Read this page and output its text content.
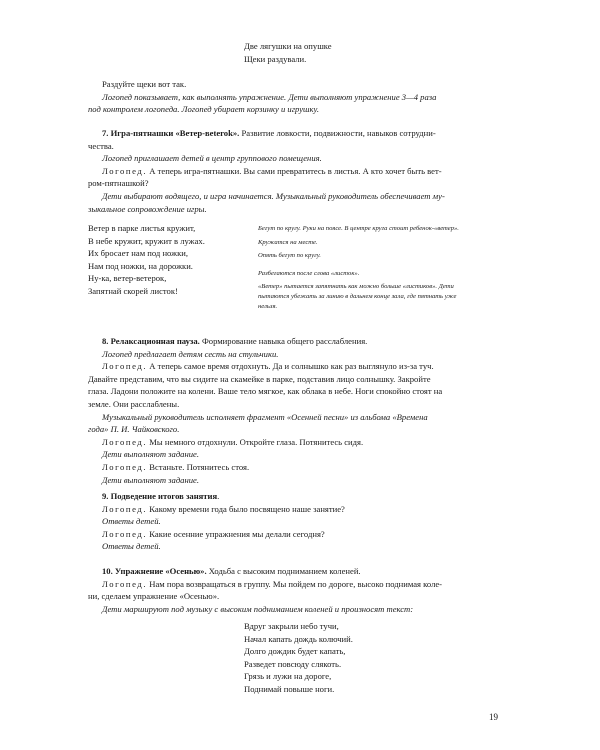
Две лягушки на опушке
Щеки раздували.
Раздуйте щеки вот так.
Логопед показывает, как выполнять упражнение. Дети выполняют упражнение 3—4 раза
под контролем логопеда. Логопед убирает корзинку и игрушку.
7. Игра-пятнашки «Ветер-веterok». Развитие ловкости, подвижности, навыков сотрудни-
чества.
Логопед приглашает детей в центр группового помещения.
Логопед. А теперь игра-пятнашки. Вы сами превратитесь в листья. А кто хочет быть вет-
ром-пятнашкой?
Дети выбирают водящего, и игра начинается. Музыкальный руководитель обеспечивает му-
зыкальное сопровождение игры.
Ветер в парке листья кружит,
В небе кружит, кружит в лужах.
Их бросает нам под ножки,
Нам под ножки, на дорожки.
Ну-ка, ветер-ветерок,
Запятнай скорей листок!
Бегут по кругу. Руки на поясе. В центре круга стоит ребенок-«ветер».
Кружатся на месте.
Опять бегут по кругу.
Разбегаются после слова «листок».
«Ветер» пытается запятнать как можно больше «листиков». Дети
пытаются убежать за линию в дальнем конце зала, где пятнать уже
нельзя.
8. Релаксационная пауза. Формирование навыка общего расслабления.
Логопед предлагает детям сесть на стульчики.
Логопед. А теперь самое время отдохнуть. Да и солнышко как раз выглянуло из-за туч.
Давайте представим, что вы сидите на скамейке в парке, подставив лицо солнышку. Закройте
глаза. Ладони положите на колени. Ваше тело мягкое, как облака в небе. Ноги спокойно стоят на
земле. Они расслаблены.
Музыкальный руководитель исполняет фрагмент «Осенней песни» из альбома «Времена
года» П. И. Чайковского.
Логопед. Мы немного отдохнули. Откройте глаза. Потянитесь сидя.
Дети выполняют задание.
Логопед. Встаньте. Потянитесь стоя.
Дети выполняют задание.
9. Подведение итогов занятия.
Логопед. Какому времени года было посвящено наше занятие?
Ответы детей.
Логопед. Какие осенние упражнения мы делали сегодня?
Ответы детей.
10. Упражнение «Осенью». Ходьба с высоким подниманием коленей.
Логопед. Нам пора возвращаться в группу. Мы пойдем по дороге, высоко поднимая коле-
ни, сделаем упражнение «Осенью».
Дети маршируют под музыку с высоким подниманием коленей и произносят текст:
Вдруг закрыли небо тучи,
Начал капать дождь колючий.
Долго дождик будет капать,
Разведет повсюду слякоть.
Грязь и лужи на дороге,
Поднимай повыше ноги.
19
